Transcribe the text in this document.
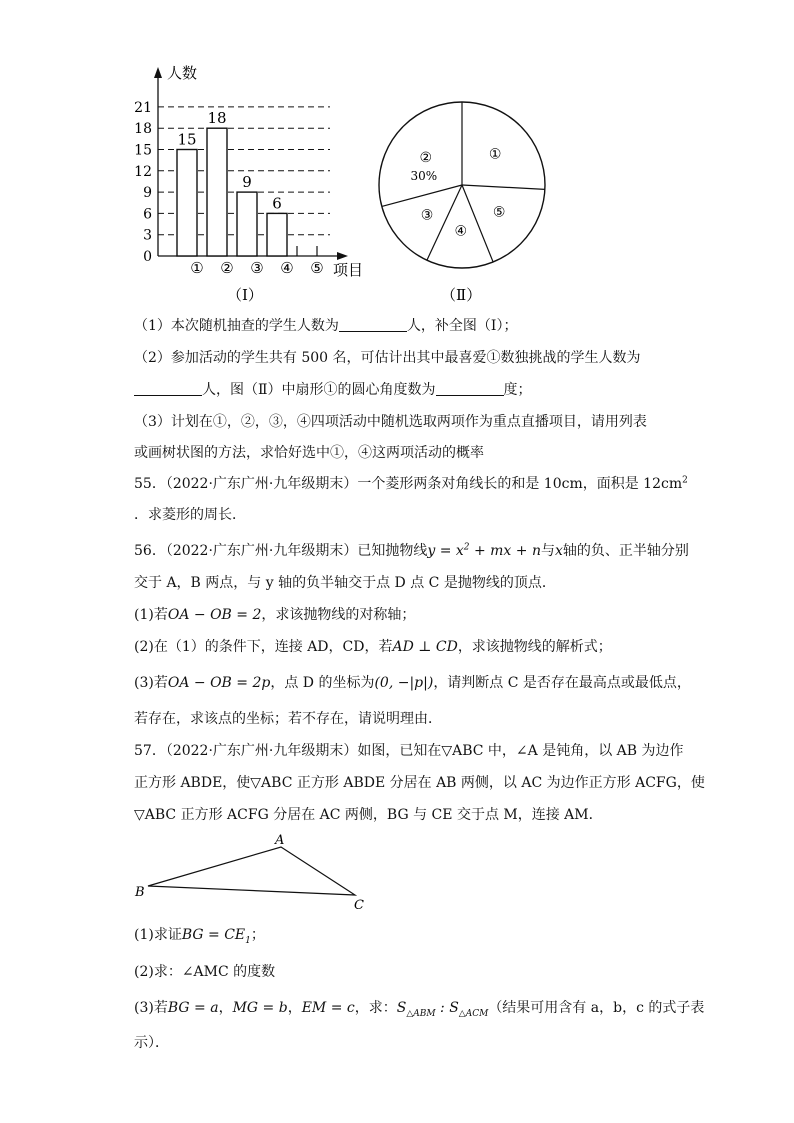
0
3
6
9
12
15
18
21
①
15
②
18
③
9
④
6
⑤
人数
项目
（Ⅰ）
①
⑤
④
③
②
30%
（Ⅱ）
（1）本次随机抽查的学生人数为	人，补全图（Ⅰ）；
（2）参加活动的学生共有 500 名，可估计出其中最喜爱①数独挑战的学生人数为
人，图（Ⅱ）中扇形①的圆心角度数为	度；
（3）计划在①，②，③，④四项活动中随机选取两项作为重点直播项目，请用列表
或画树状图的方法，求恰好选中①，④这两项活动的概率
55．（2022·广东广州·九年级期末）一个菱形两条对角线长的和是 10cm，面积是 $12cm^2$
．求菱形的周长．
56．（2022·广东广州·九年级期末）已知抛物线$y = x^2$ + mx + n与x轴的负、正半轴分别
交于 A，B 两点，与 y 轴的负半轴交于点 D 点 C 是抛物线的顶点．
(1)若OA − OB = 2，求该抛物线的对称轴；
(2)在（1）的条件下，连接 AD，CD，若AD ⊥ CD，求该抛物线的解析式；
(3)若OA − OB = 2p，点 D 的坐标为(0, −|p|)，请判断点 C 是否存在最高点或最低点，
若存在，求该点的坐标；若不存在，请说明理由．
57．（2022·广东广州·九年级期末）如图，已知在▽ABC 中，∠A 是钝角，以 AB 为边作
正方形 ABDE，使▽ABC 正方形 ABDE 分居在 AB 两侧，以 AC 为边作正方形 ACFG，使
▽ABC 正方形 ACFG 分居在 AC 两侧，BG 与 CE 交于点 M，连接 AM．
A
B
C
(1)求证BG = $CE_1$；
(2)求：∠AMC 的度数
(3)若BG = a，MG = b，EM = c，求：$S_{\triangle ABM}$ : $S_{\triangle ACM}$（结果可用含有 a，b，c 的式子表
示）．
